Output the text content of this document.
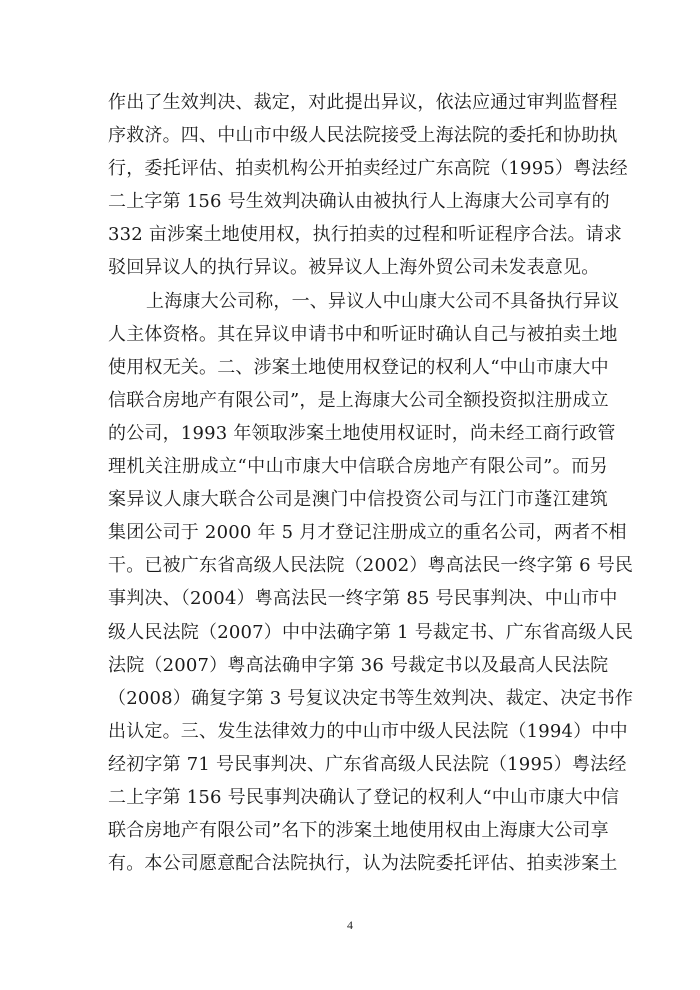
作出了生效判决、裁定，对此提出异议，依法应通过审判监督程
序救济。四、中山市中级人民法院接受上海法院的委托和协助执
行，委托评估、拍卖机构公开拍卖经过广东高院（1995）粤法经
二上字第 156 号生效判决确认由被执行人上海康大公司享有的
332 亩涉案土地使用权，执行拍卖的过程和听证程序合法。请求
驳回异议人的执行异议。被异议人上海外贸公司未发表意见。
上海康大公司称，一、异议人中山康大公司不具备执行异议
人主体资格。其在异议申请书中和听证时确认自己与被拍卖土地
使用权无关。二、涉案土地使用权登记的权利人“中山市康大中
信联合房地产有限公司”，是上海康大公司全额投资拟注册成立
的公司，1993 年领取涉案土地使用权证时，尚未经工商行政管
理机关注册成立“中山市康大中信联合房地产有限公司”。而另
案异议人康大联合公司是澳门中信投资公司与江门市蓬江建筑
集团公司于 2000 年 5 月才登记注册成立的重名公司，两者不相
干。已被广东省高级人民法院（2002）粤高法民一终字第 6 号民
事判决、（2004）粤高法民一终字第 85 号民事判决、中山市中
级人民法院（2007）中中法确字第 1 号裁定书、广东省高级人民
法院（2007）粤高法确申字第 36 号裁定书以及最高人民法院
（2008）确复字第 3 号复议决定书等生效判决、裁定、决定书作
出认定。三、发生法律效力的中山市中级人民法院（1994）中中
经初字第 71 号民事判决、广东省高级人民法院（1995）粤法经
二上字第 156 号民事判决确认了登记的权利人“中山市康大中信
联合房地产有限公司”名下的涉案土地使用权由上海康大公司享
有。本公司愿意配合法院执行，认为法院委托评估、拍卖涉案土
4
